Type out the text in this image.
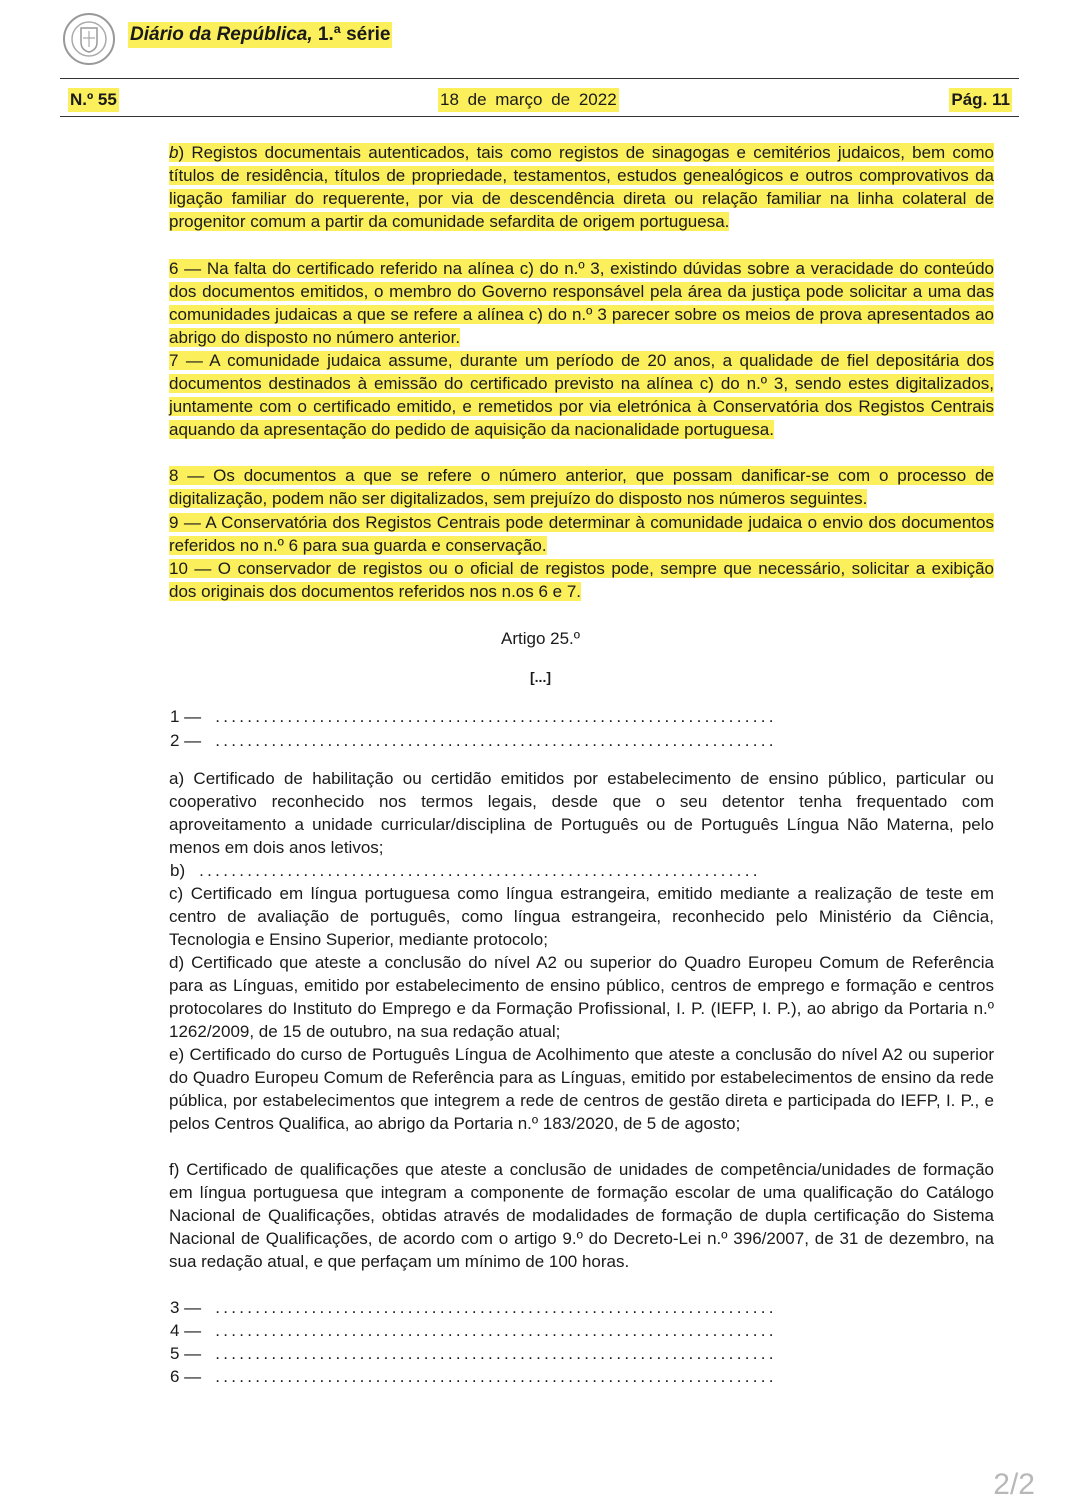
Diário da República, 1.ª série
N.º 55	18 de março de 2022	Pág. 11

b) Registos documentais autenticados, tais como registos de sinagogas e cemitérios judaicos, bem como títulos de residência, títulos de propriedade, testamentos, estudos genealógicos e outros comprovativos da ligação familiar do requerente, por via de descendência direta ou relação familiar na linha colateral de progenitor comum a partir da comunidade sefardita de origem portuguesa.

6 — Na falta do certificado referido na alínea c) do n.º 3, existindo dúvidas sobre a veracidade do conteúdo dos documentos emitidos, o membro do Governo responsável pela área da justiça pode solicitar a uma das comunidades judaicas a que se refere a alínea c) do n.º 3 parecer sobre os meios de prova apresentados ao abrigo do disposto no número anterior.

7 — A comunidade judaica assume, durante um período de 20 anos, a qualidade de fiel depositária dos documentos destinados à emissão do certificado previsto na alínea c) do n.º 3, sendo estes digitalizados, juntamente com o certificado emitido, e remetidos por via eletrónica à Conservatória dos Registos Centrais aquando da apresentação do pedido de aquisição da nacionalidade portuguesa.

8 — Os documentos a que se refere o número anterior, que possam danificar-se com o processo de digitalização, podem não ser digitalizados, sem prejuízo do disposto nos números seguintes.

9 — A Conservatória dos Registos Centrais pode determinar à comunidade judaica o envio dos documentos referidos no n.º 6 para sua guarda e conservação.

10 — O conservador de registos ou o oficial de registos pode, sempre que necessário, solicitar a exibição dos originais dos documentos referidos nos n.os 6 e 7.

Artigo 25.º
[...]
1 — ......................................................................
2 — ......................................................................

a) Certificado de habilitação ou certidão emitidos por estabelecimento de ensino público, particular ou cooperativo reconhecido nos termos legais, desde que o seu detentor tenha frequentado com aproveitamento a unidade curricular/disciplina de Português ou de Português Língua Não Materna, pelo menos em dois anos letivos;

b) ......................................................................

c) Certificado em língua portuguesa como língua estrangeira, emitido mediante a realização de teste em centro de avaliação de português, como língua estrangeira, reconhecido pelo Ministério da Ciência, Tecnologia e Ensino Superior, mediante protocolo;

d) Certificado que ateste a conclusão do nível A2 ou superior do Quadro Europeu Comum de Referência para as Línguas, emitido por estabelecimento de ensino público, centros de emprego e formação e centros protocolares do Instituto do Emprego e da Formação Profissional, I. P. (IEFP, I. P.), ao abrigo da Portaria n.º 1262/2009, de 15 de outubro, na sua redação atual;

e) Certificado do curso de Português Língua de Acolhimento que ateste a conclusão do nível A2 ou superior do Quadro Europeu Comum de Referência para as Línguas, emitido por estabelecimentos de ensino da rede pública, por estabelecimentos que integrem a rede de centros de gestão direta e participada do IEFP, I. P., e pelos Centros Qualifica, ao abrigo da Portaria n.º 183/2020, de 5 de agosto;

f) Certificado de qualificações que ateste a conclusão de unidades de competência/unidades de formação em língua portuguesa que integram a componente de formação escolar de uma qualificação do Catálogo Nacional de Qualificações, obtidas através de modalidades de formação de dupla certificação do Sistema Nacional de Qualificações, de acordo com o artigo 9.º do Decreto-Lei n.º 396/2007, de 31 de dezembro, na sua redação atual, e que perfaçam um mínimo de 100 horas.

3 — ......................................................................
4 — ......................................................................
5 — ......................................................................
6 — ......................................................................
2/2
